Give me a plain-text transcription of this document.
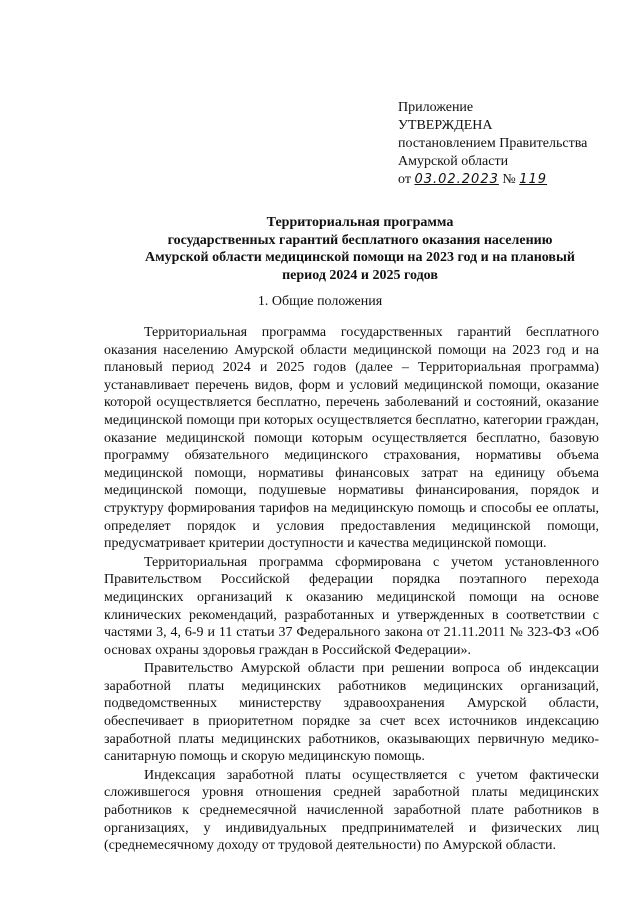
Приложение
УТВЕРЖДЕНА
постановлением Правительства
Амурской области
от 03.02.2023 № 119
Территориальная программа
государственных гарантий бесплатного оказания населению
Амурской области медицинской помощи на 2023 год и на плановый
период 2024 и 2025 годов
1. Общие положения

Территориальная программа государственных гарантий бесплатного оказания населению Амурской области медицинской помощи на 2023 год и на плановый период 2024 и 2025 годов (далее – Территориальная программа) устанавливает перечень видов, форм и условий медицинской помощи, оказание которой осуществляется бесплатно, перечень заболеваний и состояний, оказание медицинской помощи при которых осуществляется бесплатно, категории граждан, оказание медицинской помощи которым осуществляется бесплатно, базовую программу обязательного медицинского страхования, нормативы объема медицинской помощи, нормативы финансовых затрат на единицу объема медицинской помощи, подушевые нормативы финансирования, порядок и структуру формирования тарифов на медицинскую помощь и способы ее оплаты, определяет порядок и условия предоставления медицинской помощи, предусматривает критерии доступности и качества медицинской помощи.

Территориальная программа сформирована с учетом установленного Правительством Российской федерации порядка поэтапного перехода медицинских организаций к оказанию медицинской помощи на основе клинических рекомендаций, разработанных и утвержденных в соответствии с частями 3, 4, 6-9 и 11 статьи 37 Федерального закона от 21.11.2011 № 323-ФЗ «Об основах охраны здоровья граждан в Российской Федерации».

Правительство Амурской области при решении вопроса об индексации заработной платы медицинских работников медицинских организаций, подведомственных министерству здравоохранения Амурской области, обеспечивает в приоритетном порядке за счет всех источников индексацию заработной платы медицинских работников, оказывающих первичную медико-санитарную помощь и скорую медицинскую помощь.

Индексация заработной платы осуществляется с учетом фактически сложившегося уровня отношения средней заработной платы медицинских работников к среднемесячной начисленной заработной плате работников в организациях, у индивидуальных предпринимателей и физических лиц (среднемесячному доходу от трудовой деятельности) по Амурской области.
